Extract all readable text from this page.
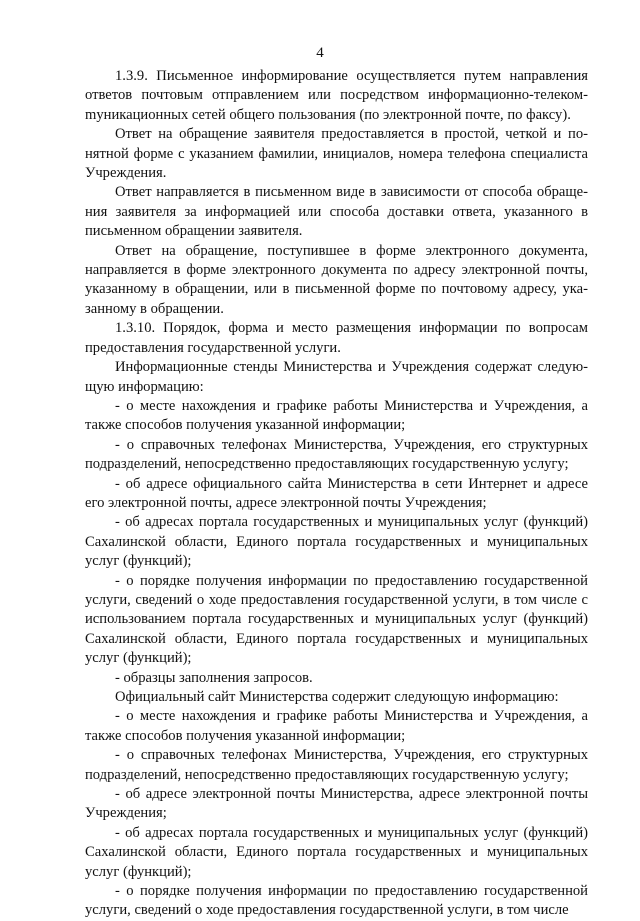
4

1.3.9. Письменное информирование осуществляется путем направления ответов почтовым отправлением или посредством информационно-телекомmуникационных сетей общего пользования (по электронной почте, по факсу).

Ответ на обращение заявителя предоставляется в простой, четкой и понятной форме с указанием фамилии, инициалов, номера телефона специалиста Учреждения.

Ответ направляется в письменном виде в зависимости от способа обращения заявителя за информацией или способа доставки ответа, указанного в письменном обращении заявителя.

Ответ на обращение, поступившее в форме электронного документа, направляется в форме электронного документа по адресу электронной почты, указанному в обращении, или в письменной форме по почтовому адресу, указанному в обращении.

1.3.10. Порядок, форма и место размещения информации по вопросам предоставления государственной услуги.

Информационные стенды Министерства и Учреждения содержат следующую информацию:

- о месте нахождения и графике работы Министерства и Учреждения, а также способов получения указанной информации;

- о справочных телефонах Министерства, Учреждения, его структурных подразделений, непосредственно предоставляющих государственную услугу;

- об адресе официального сайта Министерства в сети Интернет и адресе его электронной почты, адресе электронной почты Учреждения;

- об адресах портала государственных и муниципальных услуг (функций) Сахалинской области, Единого портала государственных и муниципальных услуг (функций);

- о порядке получения информации по предоставлению государственной услуги, сведений о ходе предоставления государственной услуги, в том числе с использованием портала государственных и муниципальных услуг (функций) Сахалинской области, Единого портала государственных и муниципальных услуг (функций);

- образцы заполнения запросов.

Официальный сайт Министерства содержит следующую информацию:

- о месте нахождения и графике работы Министерства и Учреждения, а также способов получения указанной информации;

- о справочных телефонах Министерства, Учреждения, его структурных подразделений, непосредственно предоставляющих государственную услугу;

- об адресе электронной почты Министерства, адресе электронной почты Учреждения;

- об адресах портала государственных и муниципальных услуг (функций) Сахалинской области, Единого портала государственных и муниципальных услуг (функций);

- о порядке получения информации по предоставлению государственной услуги, сведений о ходе предоставления государственной услуги, в том числе
